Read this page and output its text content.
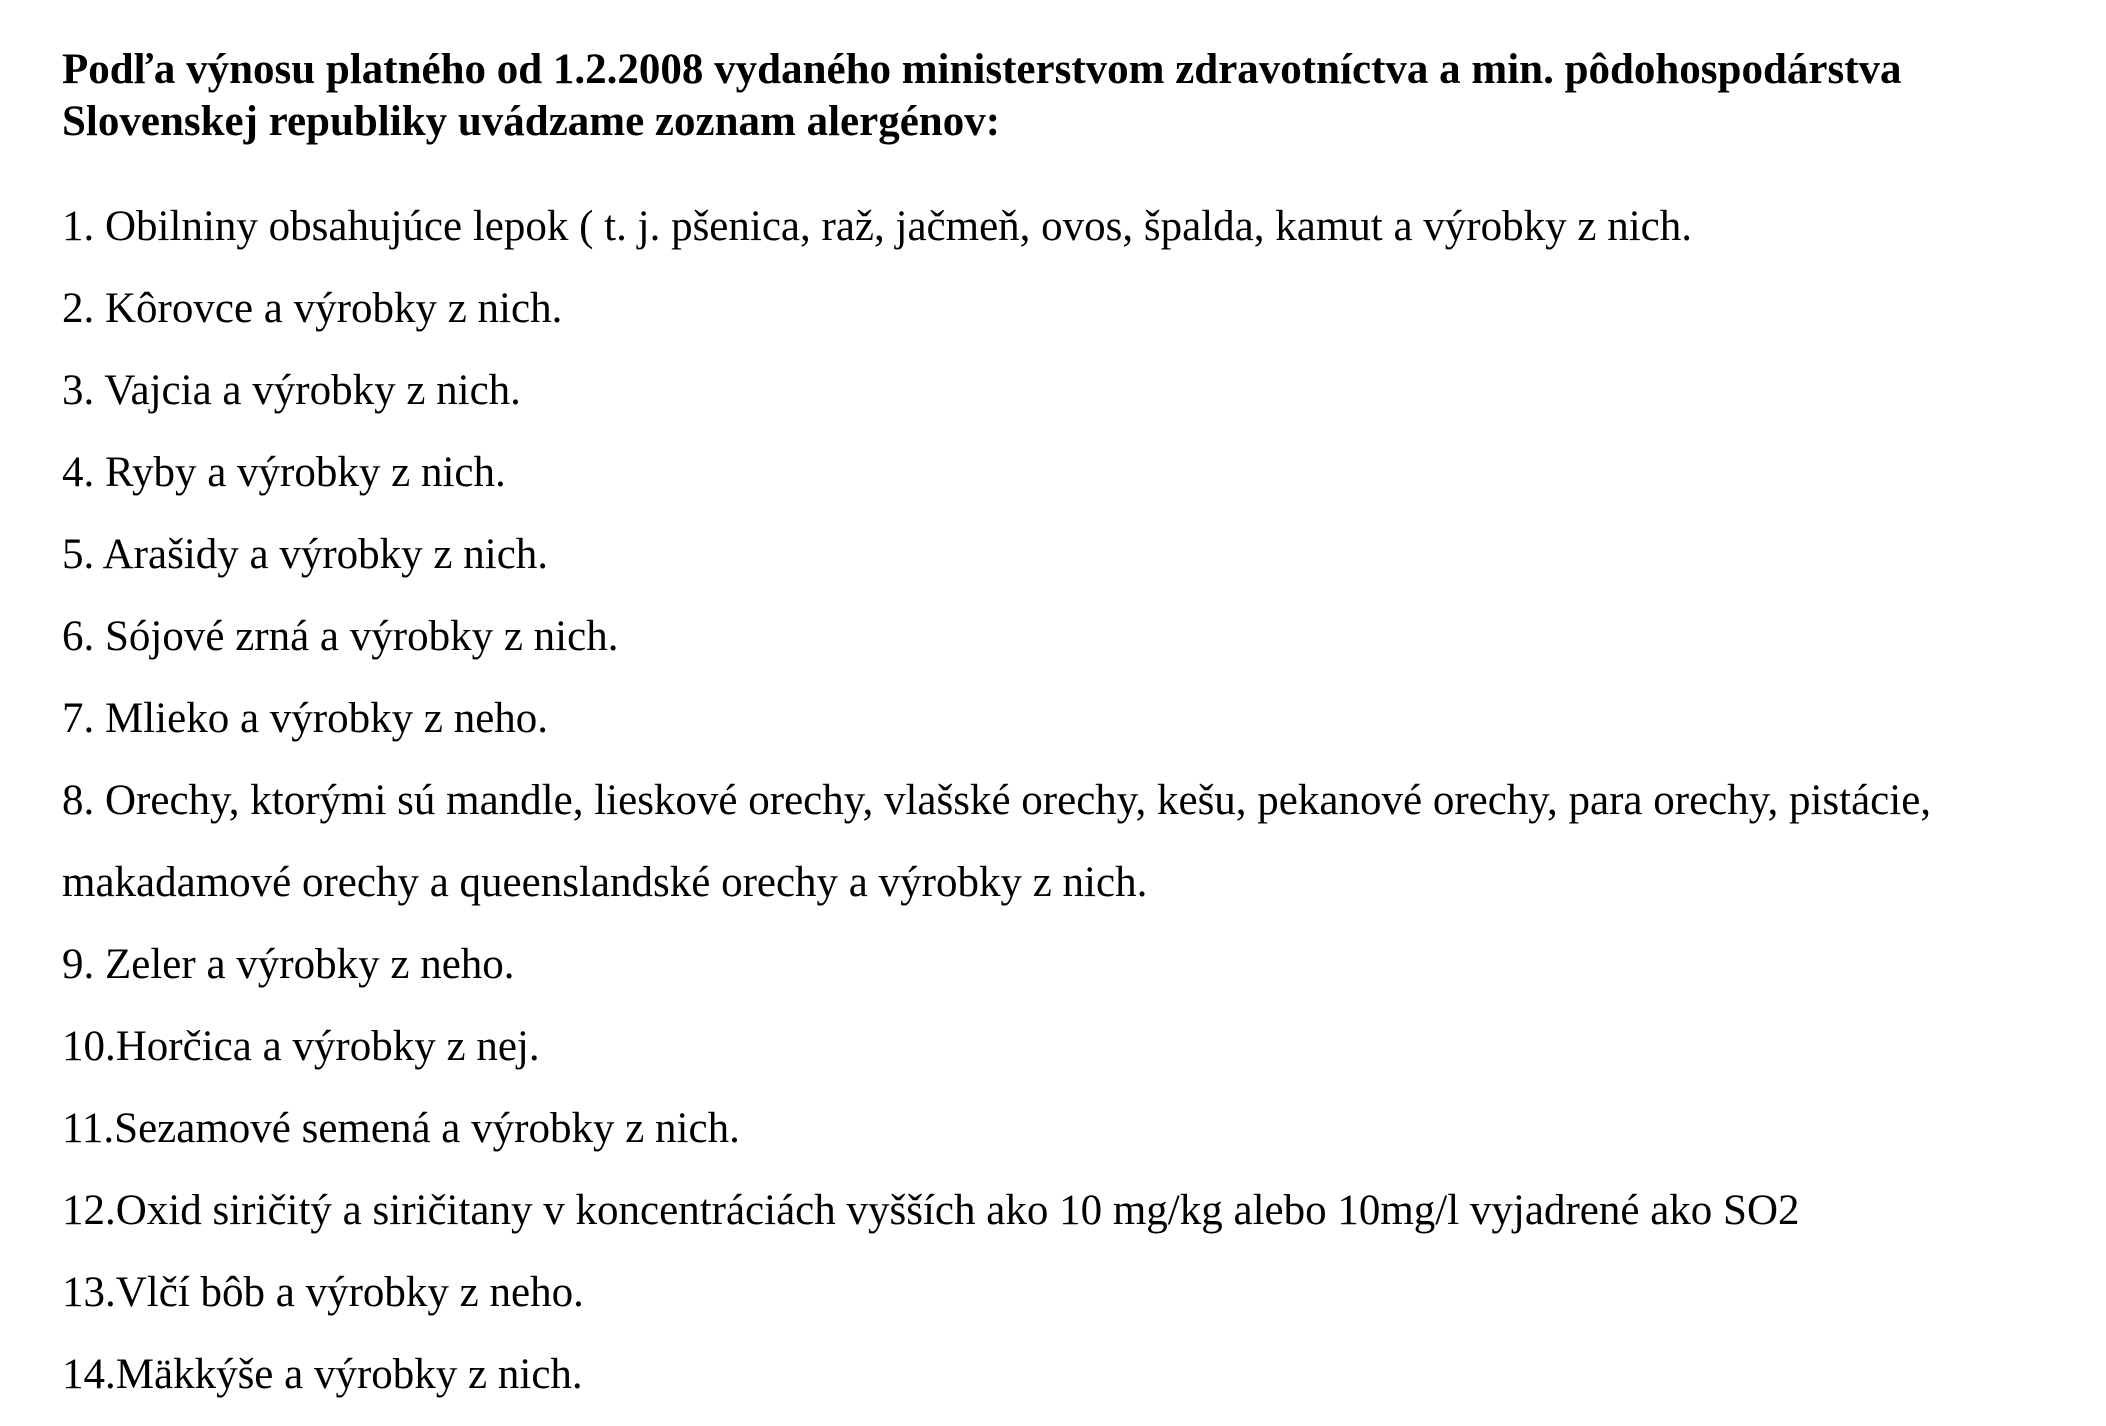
Podľa výnosu platného od 1.2.2008 vydaného ministerstvom zdravotníctva a min. pôdohospodárstva
Slovenskej republiky uvádzame zoznam alergénov:
1. Obilniny obsahujúce lepok ( t. j. pšenica, raž, jačmeň, ovos, špalda, kamut a výrobky z nich.
2. Kôrovce a výrobky z nich.
3. Vajcia a výrobky z nich.
4. Ryby a výrobky z nich.
5. Arašidy a výrobky z nich.
6. Sójové zrná a výrobky z nich.
7. Mlieko a výrobky z neho.
8. Orechy, ktorými sú mandle, lieskové orechy, vlašské orechy, kešu, pekanové orechy, para orechy, pistácie,
makadamové orechy a queenslandské orechy a výrobky z nich.
9. Zeler a výrobky z neho.
10.Horčica a výrobky z nej.
11.Sezamové semená a výrobky z nich.
12.Oxid siričitý a siričitany v koncentráciách vyšších ako 10 mg/kg alebo 10mg/l vyjadrené ako SO2
13.Vlčí bôb a výrobky z neho.
14.Mäkkýše a výrobky z nich.
